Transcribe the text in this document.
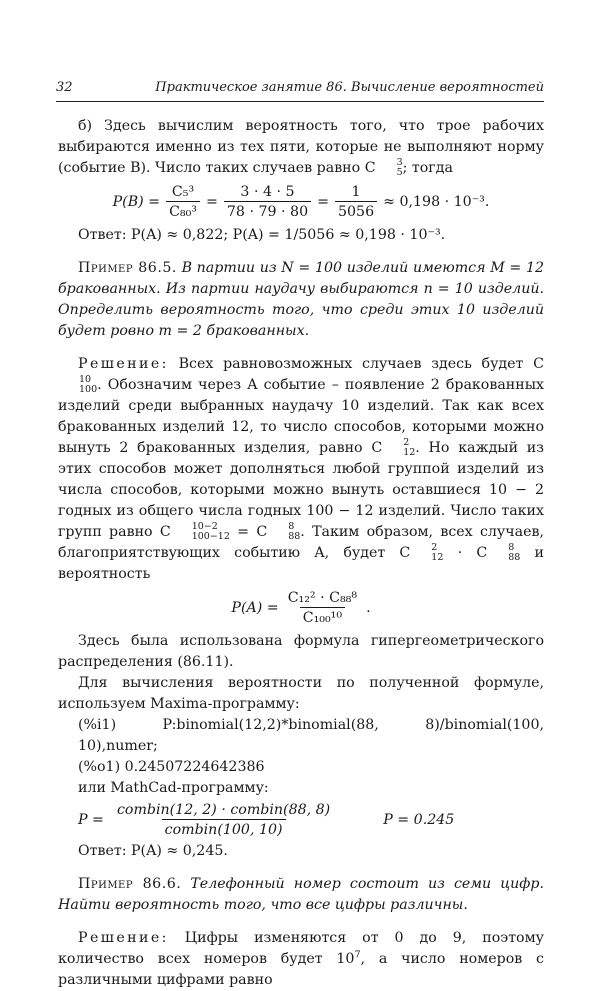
32	Практическое занятие 86. Вычисление вероятностей

б) Здесь вычислим вероятность того, что трое рабочих выбираются именно из тех пяти, которые не выполняют норму (событие B). Число таких случаев равно C	3
5 ; тогда

$P(B) = \frac{\text{C₅³}}{\text{C₈₀³}} = \frac{3 \cdot 4 \cdot 5}{78 \cdot 79 \cdot 80} = \frac{1}{5056} \approx 0,198 \cdot 10^{-3}$.

Ответ: P(A) ≈ 0,822; P(A) = 1/5056 ≈ 0,198 · 10⁻³.

Пример 86.5. В партии из N = 100 изделий имеются M = 12 бракованных. Из партии наудачу выбираются n = 10 изделий. Определить вероятность того, что среди этих 10 изделий будет ровно m = 2 бракованных.

Решение: Всех равновозможных случаев здесь будет C
10
100 . Обозначим через A событие – появление 2 бракованных изделий среди выбранных наудачу 10 изделий. Так как всех бракованных изделий 12, то число способов, которыми можно вынуть 2 бракованных изделия, равно C	2
12 . Но каждый из этих способов может дополняться любой группой изделий из числа способов, которыми можно вынуть оставшиеся 10 − 2 годных из общего числа годных 100 − 12 изделий. Число таких групп равно C	10−2
100−12 = C	8
88 . Таким образом, всех случаев, благоприятствующих событию A, будет C	2
12 · C	8
88 и вероятность

$P(A) = \frac{\text{C₁₂² · C₈₈⁸}}{\text{C₁₀₀¹⁰}}$ .

Здесь была использована формула гипергеометрического распределения (86.11).

Для вычисления вероятности по полученной формуле, используем Maxima-программу:

(%i1) P:binomial(12,2)*binomial(88, 8)/binomial(100, 10),numer;

(%o1) 0.24507224642386

или MathCad-программу:

$P = \frac{\text{combin(12, 2) · combin(88, 8)}}{\text{combin(100, 10)}}$	P = 0.245

Ответ: P(A) ≈ 0,245.

Пример 86.6. Телефонный номер состоит из семи цифр. Найти вероятность того, что все цифры различны.

Решение: Цифры изменяются от 0 до 9, поэтому количество всех номеров будет $10^7$, а число номеров с различными цифрами равно
